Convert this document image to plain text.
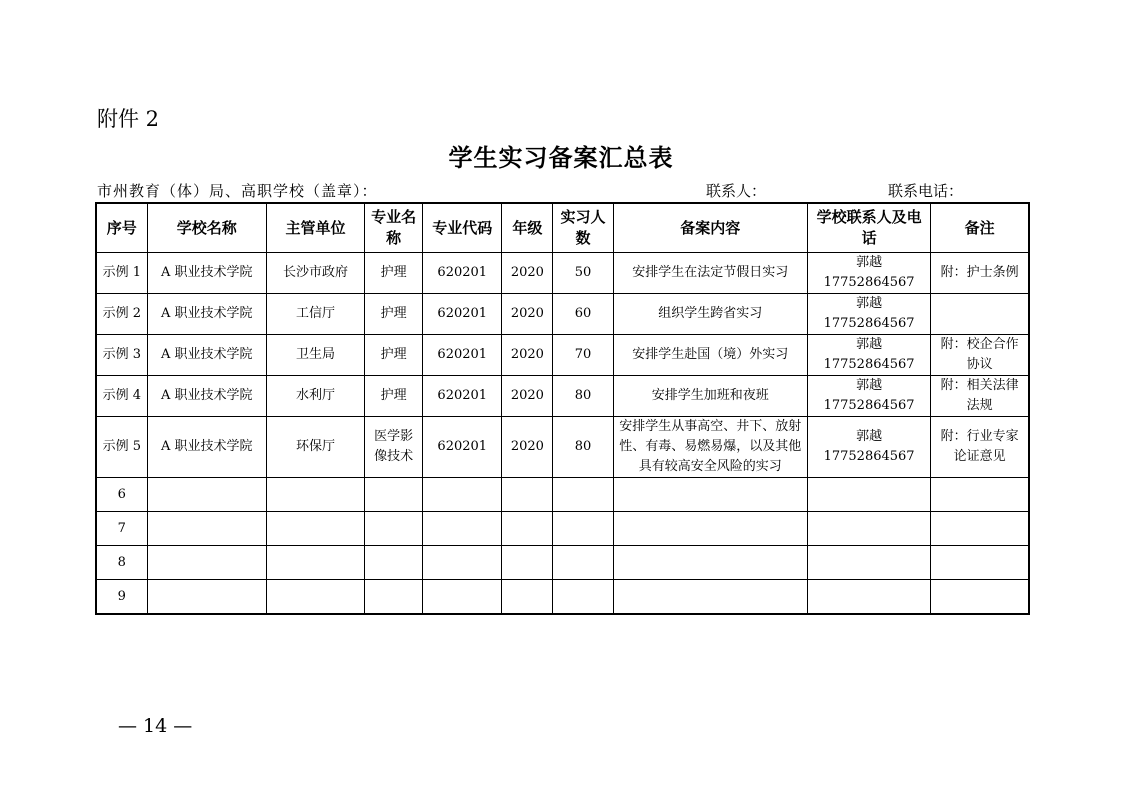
附件 2
学生实习备案汇总表
市州教育（体）局、高职学校（盖章）：	联系人：	联系电话：
序号	学校名称	主管单位	专业名称	专业代码	年级	实习人数	备案内容	学校联系人及电话	备注
示例 1	A 职业技术学院	长沙市政府	护理	620201	2020	50	安排学生在法定节假日实习	郭越 17752864567	附：护士条例
示例 2	A 职业技术学院	工信厅	护理	620201	2020	60	组织学生跨省实习	郭越 17752864567	
示例 3	A 职业技术学院	卫生局	护理	620201	2020	70	安排学生赴国（境）外实习	郭越 17752864567	附：校企合作协议
示例 4	A 职业技术学院	水利厅	护理	620201	2020	80	安排学生加班和夜班	郭越 17752864567	附：相关法律法规
示例 5	A 职业技术学院	环保厅	医学影像技术	620201	2020	80	安排学生从事高空、井下、放射性、有毒、易燃易爆，以及其他具有较高安全风险的实习	郭越 17752864567	附：行业专家论证意见
6									
7									
8									
9									
— 14 —
